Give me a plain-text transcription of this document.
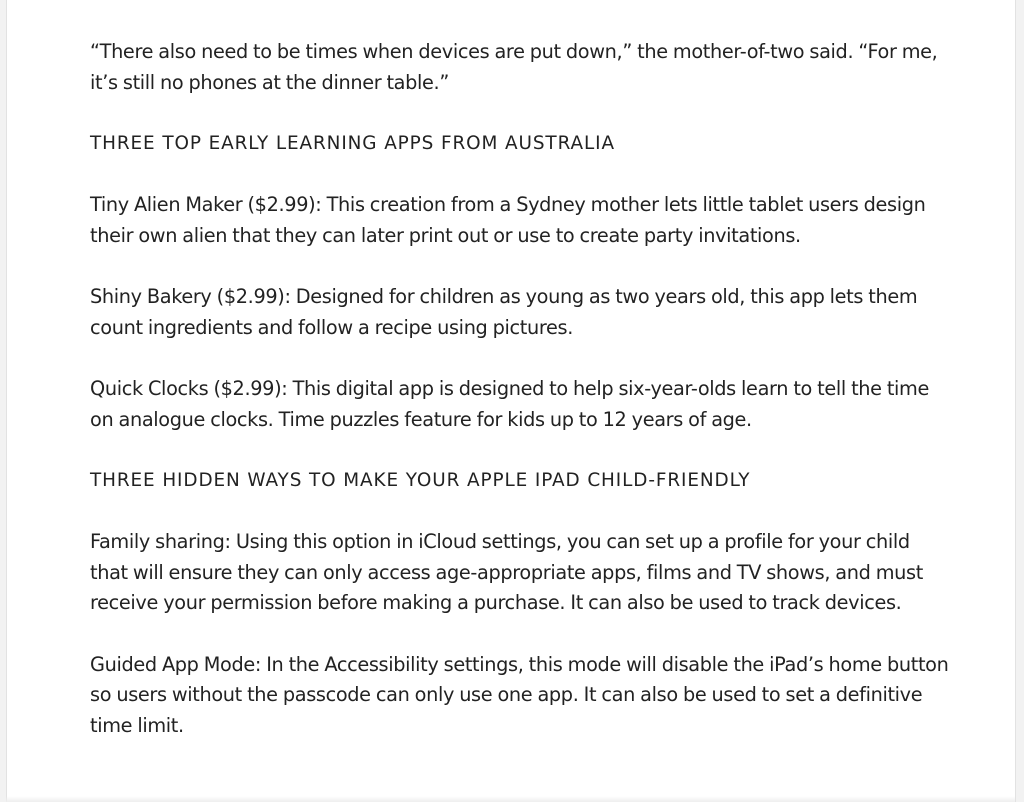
“There also need to be times when devices are put down,” the mother-of-two said. “For me, it’s still no phones at the dinner table.”

THREE TOP EARLY LEARNING APPS FROM AUSTRALIA

Tiny Alien Maker ($2.99): This creation from a Sydney mother lets little tablet users design their own alien that they can later print out or use to create party invitations.

Shiny Bakery ($2.99): Designed for children as young as two years old, this app lets them count ingredients and follow a recipe using pictures.

Quick Clocks ($2.99): This digital app is designed to help six-year-olds learn to tell the time on analogue clocks. Time puzzles feature for kids up to 12 years of age.

THREE HIDDEN WAYS TO MAKE YOUR APPLE IPAD CHILD-FRIENDLY

Family sharing: Using this option in iCloud settings, you can set up a profile for your child that will ensure they can only access age-appropriate apps, films and TV shows, and must receive your permission before making a purchase. It can also be used to track devices.

Guided App Mode: In the Accessibility settings, this mode will disable the iPad’s home button so users without the passcode can only use one app. It can also be used to set a definitive time limit.
